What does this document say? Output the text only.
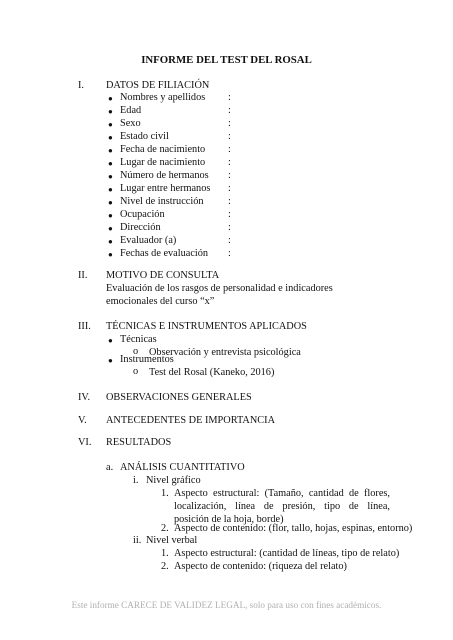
INFORME DEL TEST DEL ROSAL
I. DATOS DE FILIACIÓN
● Nombres y apellidos :
● Edad	:
● Sexo	:
● Estado civil	:
● Fecha de nacimiento :
● Lugar de nacimiento :
● Número de hermanos :
● Lugar entre hermanos :
● Nivel de instrucción :
● Ocupación	:
● Dirección	:
● Evaluador (a)	:
● Fechas de evaluación :
II. MOTIVO DE CONSULTA
Evaluación de los rasgos de personalidad e indicadores emocionales del curso “x”
III. TÉCNICAS E INSTRUMENTOS APLICADOS
● Técnicas
o Observación y entrevista psicológica
● Instrumentos
o Test del Rosal (Kaneko, 2016)
IV. OBSERVACIONES GENERALES
V. ANTECEDENTES DE IMPORTANCIA
VI. RESULTADOS
a. ANÁLISIS CUANTITATIVO
i. Nivel gráfico
1. Aspecto estructural: (Tamaño, cantidad de flores, localización, línea de presión, tipo de línea, posición de la hoja, borde)
2. Aspecto de contenido: (flor, tallo, hojas, espinas, entorno)
ii. Nivel verbal
1. Aspecto estructural: (cantidad de líneas, tipo de relato)
2. Aspecto de contenido: (riqueza del relato)
Este informe CARECE DE VALIDEZ LEGAL, solo para uso con fines académicos.
